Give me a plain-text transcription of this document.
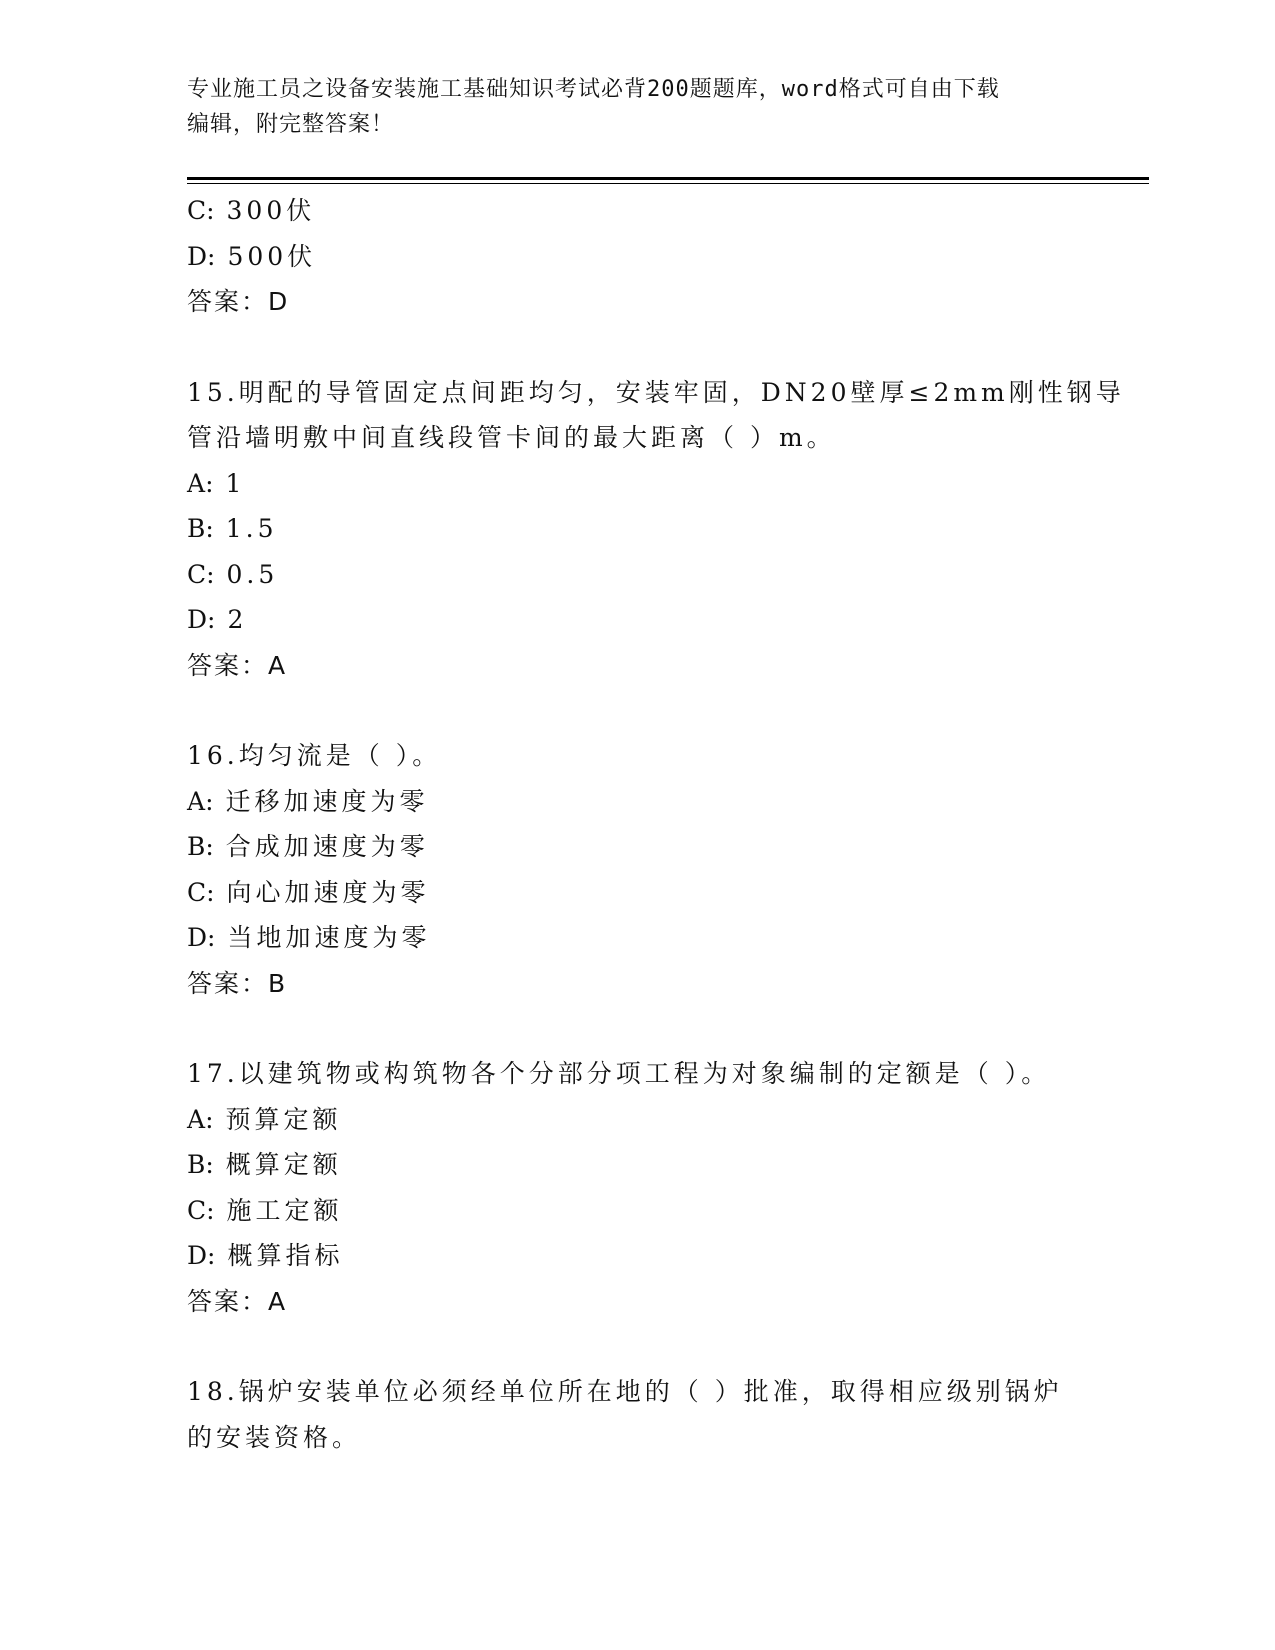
专业施工员之设备安装施工基础知识考试必背200题题库，word格式可自由下载
编辑，附完整答案！
C: 300伏
D: 500伏
答案：D
15.明配的导管固定点间距均匀，安装牢固，DN20壁厚≤2mm刚性钢导
管沿墙明敷中间直线段管卡间的最大距离（ ）m。
A: 1
B: 1.5
C: 0.5
D: 2
答案：A
16.均匀流是（ ）。
A: 迁移加速度为零
B: 合成加速度为零
C: 向心加速度为零
D: 当地加速度为零
答案：B
17.以建筑物或构筑物各个分部分项工程为对象编制的定额是（ ）。
A: 预算定额
B: 概算定额
C: 施工定额
D: 概算指标
答案：A
18.锅炉安装单位必须经单位所在地的（ ）批准，取得相应级别锅炉
的安装资格。
